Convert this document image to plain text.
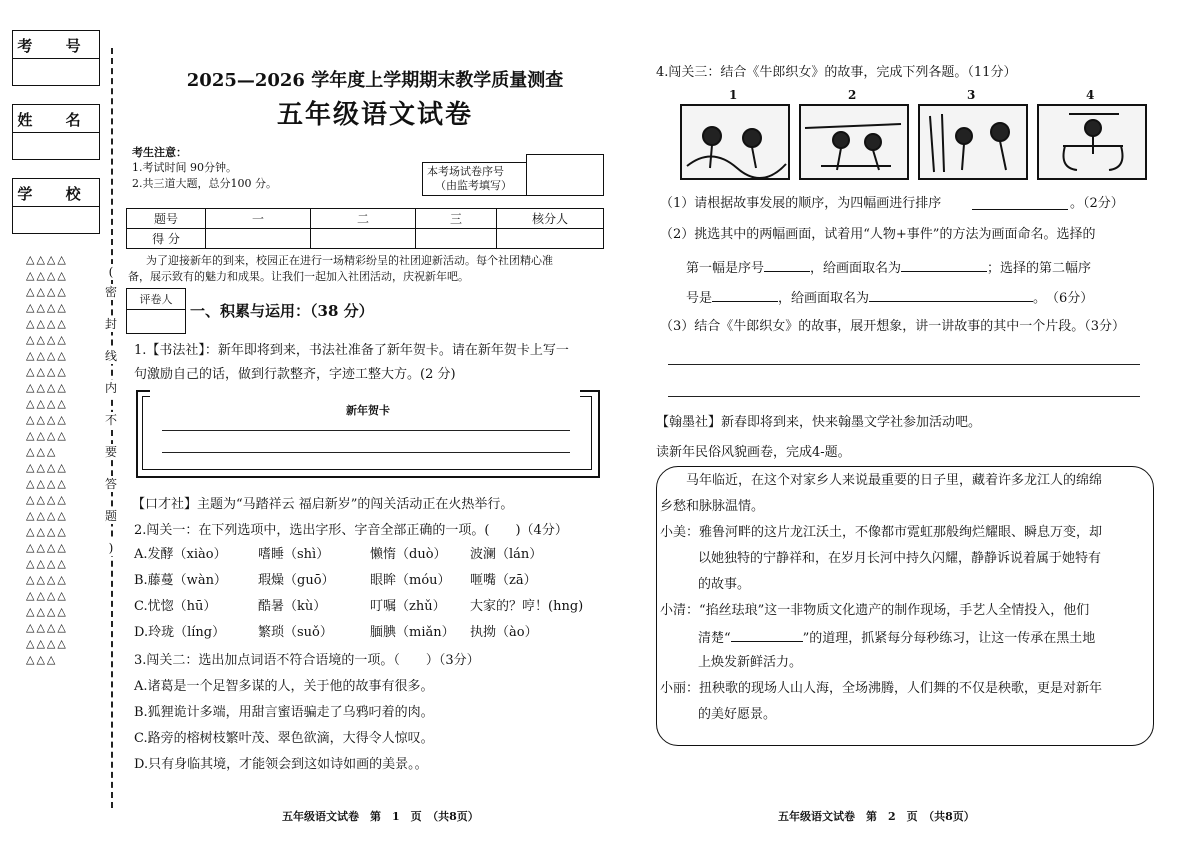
考 号
姓 名
学 校
△△△△
△△△△
△△△△
△△△△
△△△△
△△△△
△△△△
△△△△
△△△△
△△△△
△△△△
△△△△
△△△
△△△△
△△△△
△△△△
△△△△
△△△△
△△△△
△△△△
△△△△
△△△△
△△△△
△△△△
△△△△
△△△
(
密
封
线
内
不
要
答
题
)
2025—2026 学年度上学期期末教学质量测查
五年级语文试卷
考生注意：
1.考试时间 90分钟。
2.共三道大题，总分100 分。
本考场试卷序号
（由监考填写）
题号	一	二	三	核分人
得 分				
为了迎接新年的到来，校园正在进行一场精彩纷呈的社团迎新活动。每个社团精心准
备，展示致有的魅力和成果。让我们一起加入社团活动，庆祝新年吧。
评卷人
一、积累与运用：（38 分）
1.【书法社】：新年即将到来，书法社准备了新年贺卡。请在新年贺卡上写一
句激励自己的话，做到行款整齐，字迹工整大方。(2 分)
新年贺卡
【口才社】主题为“马踏祥云 福启新岁”的闯关活动正在火热举行。
2.闯关一：在下列选项中，选出字形、字音全部正确的一项。(　　)（4分）
A.发酵（xiào） 嗜睡（shì）	懒惰（duò） 波澜（lán）
B.藤蔓（wàn） 瑕燥（guō）	眼眸（móu） 咂嘴（zā）
C.忧惚（hū）	酷暑（kù）	叮嘱（zhǔ） 大家的？哼！(hng)
D.玲珑（líng）	繁琐（suǒ）	腼腆（miǎn） 执拗（ào）
3.闯关二：选出加点词语不符合语境的一项。（　　）（3分）
A.诸葛是一个足智多谋的人，关于他的故事有很多。
B.狐狸诡计多端，用甜言蜜语骗走了乌鸦叼着的肉。
C.路旁的榕树枝繁叶茂、翠色欲滴，大得令人惊叹。
D.只有身临其境，才能领会到这如诗如画的美景。。
五年级语文试卷　第　1　页　（共8页）
4.闯关三：结合《牛郎织女》的故事，完成下列各题。（11分）
1	2	3	4
（1）请根据故事发展的顺序，为四幅画进行排序	。（2分）
（2）挑选其中的两幅画面，试着用“人物+事件”的方法为画面命名。选择的
第一幅是序号	，给画面取名为	；选择的第二幅序
号是	，给画面取名为	。　（6分）
（3）结合《牛郎织女》的故事，展开想象，讲一讲故事的其中一个片段。（3分）
【翰墨社】新春即将到来，快来翰墨文学社参加活动吧。
读新年民俗风貌画卷，完成4-题。
马年临近，在这个对家乡人来说最重要的日子里，藏着许多龙江人的绵绵
乡愁和脉脉温情。
小美：雅鲁河畔的这片龙江沃土，不像都市霓虹那般绚烂耀眼、瞬息万变，却
以她独特的宁静祥和，在岁月长河中持久闪耀，静静诉说着属于她特有
的故事。
小清：“掐丝珐琅”这一非物质文化遗产的制作现场，手艺人全情投入，他们
清楚“	”的道理，抓紧每分每秒练习，让这一传承在黑土地
上焕发新鲜活力。
小丽：扭秧歌的现场人山人海，全场沸腾，人们舞的不仅是秧歌，更是对新年
的美好愿景。
五年级语文试卷　第　2　页　（共8页）
